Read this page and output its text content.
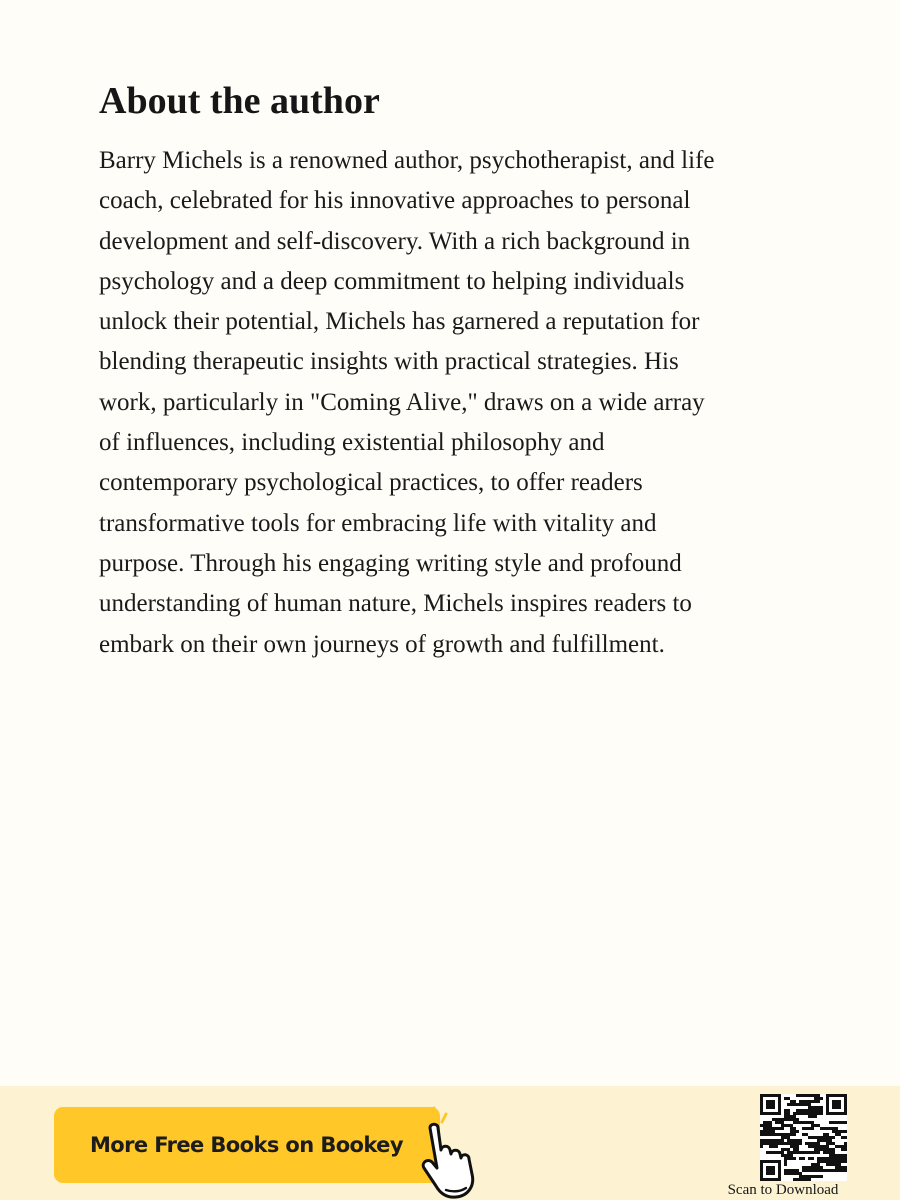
About the author

Barry Michels is a renowned author, psychotherapist, and life
coach, celebrated for his innovative approaches to personal
development and self-discovery. With a rich background in
psychology and a deep commitment to helping individuals
unlock their potential, Michels has garnered a reputation for
blending therapeutic insights with practical strategies. His
work, particularly in "Coming Alive," draws on a wide array
of influences, including existential philosophy and
contemporary psychological practices, to offer readers
transformative tools for embracing life with vitality and
purpose. Through his engaging writing style and profound
understanding of human nature, Michels inspires readers to
embark on their own journeys of growth and fulfillment.

More Free Books on Bookey
Scan to Download
